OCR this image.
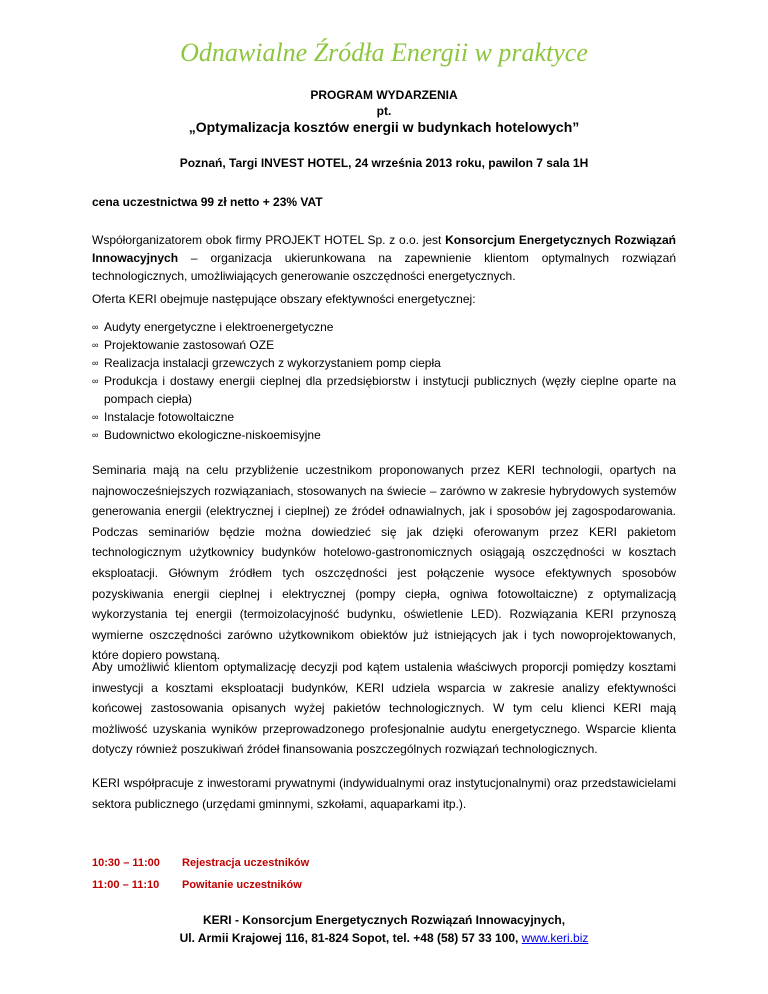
Odnawialne Źródła Energii w praktyce
PROGRAM WYDARZENIA
pt.
„Optymalizacja kosztów energii w budynkach hotelowych”
Poznań, Targi INVEST HOTEL, 24 września 2013 roku, pawilon 7 sala 1H
cena uczestnictwa 99 zł netto + 23% VAT
Współorganizatorem obok firmy PROJEKT HOTEL Sp. z o.o. jest Konsorcjum Energetycznych Rozwiązań Innowacyjnych – organizacja ukierunkowana na zapewnienie klientom optymalnych rozwiązań technologicznych, umożliwiających generowanie oszczędności energetycznych.
Oferta KERI obejmuje następujące obszary efektywności energetycznej:
∞ Audyty energetyczne i elektroenergetyczne
∞ Projektowanie zastosowań OZE
∞ Realizacja instalacji grzewczych z wykorzystaniem pomp ciepła
∞ Produkcja i dostawy energii cieplnej dla przedsiębiorstw i instytucji publicznych (węzły cieplne oparte na pompach ciepła)
∞ Instalacje fotowoltaiczne
∞ Budownictwo ekologiczne-niskoemisyjne
Seminaria mają na celu przybliżenie uczestnikom proponowanych przez KERI technologii, opartych na najnowocześniejszych rozwiązaniach, stosowanych na świecie – zarówno w zakresie hybrydowych systemów generowania energii (elektrycznej i cieplnej) ze źródeł odnawialnych, jak i sposobów jej zagospodarowania. Podczas seminariów będzie można dowiedzieć się jak dzięki oferowanym przez KERI pakietom technologicznym użytkownicy budynków hotelowo-gastronomicznych osiągają oszczędności w kosztach eksploatacji. Głównym źródłem tych oszczędności jest połączenie wysoce efektywnych sposobów pozyskiwania energii cieplnej i elektrycznej (pompy ciepła, ogniwa fotowoltaiczne) z optymalizacją wykorzystania tej energii (termoizolacyjność budynku, oświetlenie LED). Rozwiązania KERI przynoszą wymierne oszczędności zarówno użytkownikom obiektów już istniejących jak i tych nowoprojektowanych, które dopiero powstaną.
Aby umożliwić klientom optymalizację decyzji pod kątem ustalenia właściwych proporcji pomiędzy kosztami inwestycji a kosztami eksploatacji budynków, KERI udziela wsparcia w zakresie analizy efektywności końcowej zastosowania opisanych wyżej pakietów technologicznych. W tym celu klienci KERI mają możliwość uzyskania wyników przeprowadzonego profesjonalnie audytu energetycznego. Wsparcie klienta dotyczy również poszukiwań źródeł finansowania poszczególnych rozwiązań technologicznych.
KERI współpracuje z inwestorami prywatnymi (indywidualnymi oraz instytucjonalnymi) oraz przedstawicielami sektora publicznego (urzędami gminnymi, szkołami, aquaparkami itp.).
10:30 – 11:00 Rejestracja uczestników
11:00 – 11:10 Powitanie uczestników
KERI - Konsorcjum Energetycznych Rozwiązań Innowacyjnych,
Ul. Armii Krajowej 116, 81-824 Sopot, tel. +48 (58) 57 33 100, www.keri.biz
